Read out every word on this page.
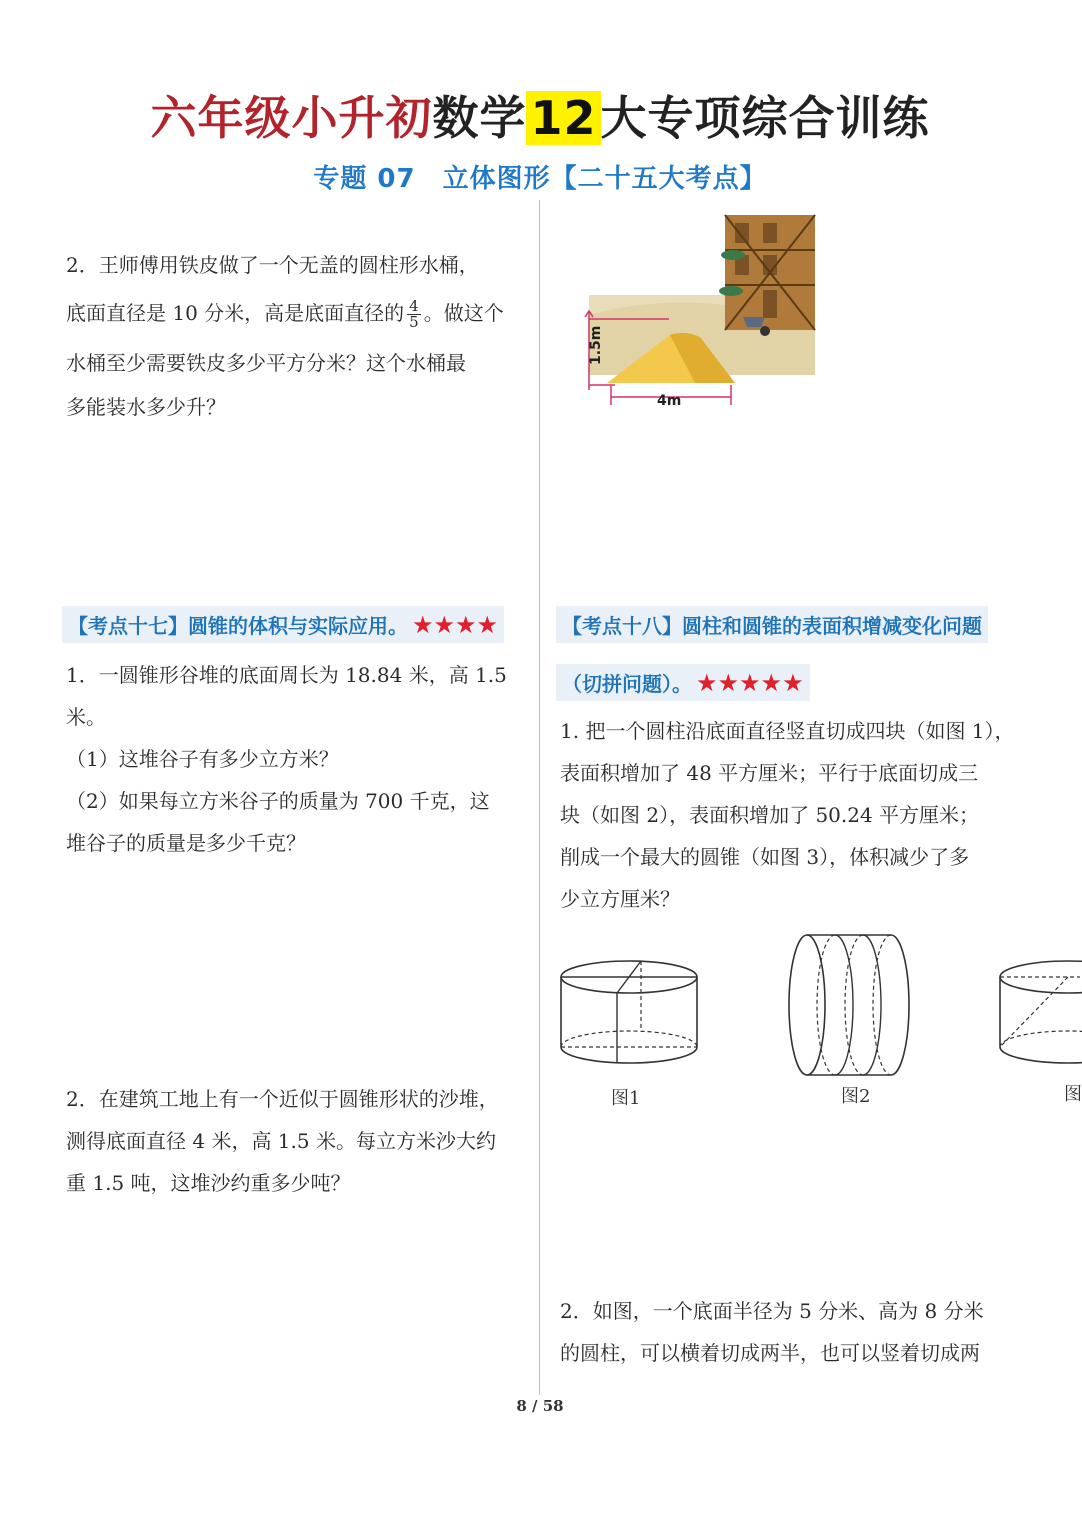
六年级小升初数学12大专项综合训练
专题 07　立体图形【二十五大考点】
2．王师傅用铁皮做了一个无盖的圆柱形水桶，
底面直径是 10 分米，高是底面直径的 $\frac{4}{5}$ 。做这个
水桶至少需要铁皮多少平方分米？这个水桶最
多能装水多少升？
1.5m
4m
【考点十七】圆锥的体积与实际应用。 ★★★★
1．一圆锥形谷堆的底面周长为 18.84 米，高 1.5
米。
（1）这堆谷子有多少立方米？
（2）如果每立方米谷子的质量为 700 千克，这
堆谷子的质量是多少千克？
2．在建筑工地上有一个近似于圆锥形状的沙堆，
测得底面直径 4 米，高 1.5 米。每立方米沙大约
重 1.5 吨，这堆沙约重多少吨？
【考点十八】圆柱和圆锥的表面积增减变化问题
（切拼问题）。 ★★★★★
1. 把一个圆柱沿底面直径竖直切成四块（如图 1），
表面积增加了 48 平方厘米；平行于底面切成三
块（如图 2），表面积增加了 50.24 平方厘米；
削成一个最大的圆锥（如图 3），体积减少了多
少立方厘米？
图1	图2	图
2．如图，一个底面半径为 5 分米、高为 8 分米
的圆柱，可以横着切成两半，也可以竖着切成两
8 / 58
